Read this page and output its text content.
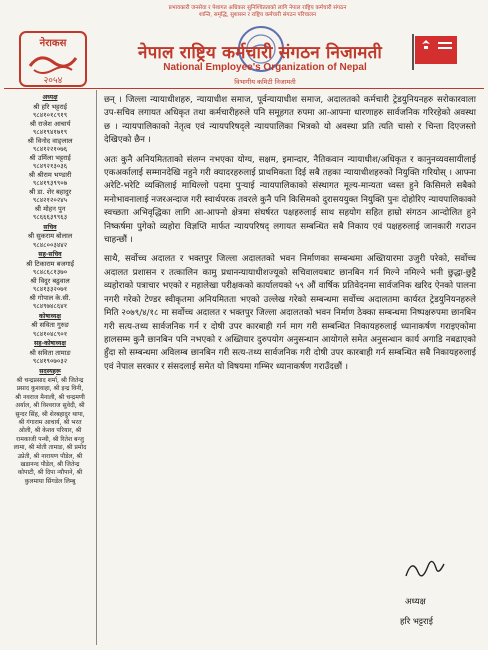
नेराकस
२०५४
प्रभावकारी जनसेवा र पेशागत अधिकार सुनिश्चितताको लागि नेपाल राष्ट्रिय कर्मचारी संगठन
शान्ति, समृद्धि, सुशासन र राष्ट्रिय कर्मचारी संगठन परिचालन
नेपाल राष्ट्रिय कर्मचारी संगठन निजामती
National Employee's Organization of Nepal
विभागीय कमिटी निजामती
अध्यक्ष
श्री हरि भट्टराई
९८४१०१८९१९
श्री राजेश आचार्य
९८४१९४१७१९
श्री विनोद वाङ्लाल
९८४१२२१०७६
श्री उर्मिला भट्टराई
९८४९२१३०३६
श्री श्रीराम भण्डारी
९८४१९३९९०७
श्री डा. शेर बहादुर
९८४२१२०२४५
श्री मोहन पुन
९८६६६३९९६३
सचिव
श्री सुकराम बोलाल
९८४८००३४४२
सह-सचिव
श्री टिकाराम बजगाईं
९८४८६८१३७०
श्री विदुर बढुवाल
९८४१३३२०७१
श्री गोपाल के.सी.
९८४९७४८६४१
कोषाध्यक्ष
श्री सविता गुरुङ
९८४१०४८९०१
सह-कोषाध्यक्ष
श्री सविता तामाङ
९८४१९०७०३२
सदस्यहरू
श्री चन्द्रप्रसाद शर्मा, श्री जितेन्द्र
प्रसाद कुशवाहा, श्री इन्द्र विनी,
श्री नवराज मैनाली, श्री चन्द्रमणी
अर्याल, श्री विश्वराज सुवेदी, श्री
सुन्दर सिंह, श्री शेरबहादुर थापा,
श्री गंगाराम आचार्य, श्री भरत
ओली, श्री केशव परियार, श्री
रामकाजी पन्थी, श्री रितेश बन्जु
लामा, श्री मोती तामाङ, श्री प्रमोद
उप्रेती, श्री नारायण पौडेल, श्री
खडानन्द पौडेल, श्री जितेन्द्र
कोपाटी, श्री दिपा न्यौपाने, श्री
कुलमाया सिंगडेल लिम्बु

छन् । जिल्ला न्यायाधीशहरु, न्यायाधीश समाज, पूर्वन्यायाधीश समाज, अदालतको कर्मचारी ट्रेडयुनियनहरु सरोकारवाला उप-सचिव लगायत अधिकृत तथा कर्मचारीहरुले पनि समूहगत रुपमा आ-आफ्ना धारणाहरु सार्वजनिक गरिरहेको अवस्था छ । न्यायपालिकाको नेतृत्व एवं न्यायपरिषद्ले न्यायपालिका भित्रको यो अवस्था प्रति त्यति चासो र चिन्ता दिएजस्तो देखिएको छैन ।

अतः कुनै अनियमितताको संलग्न नभएका योग्य, सक्षम, इमान्दार, नैतिकवान न्यायाधीश/अधिकृत र कानुनव्यवसायीलाई एकअर्कालाई सम्मानदेखि नहुने गरी क्यादरहरुलाई प्राथमिकता दिई सबै तहका न्यायाधीशहरुको नियुक्ति गरियोस् । आफ्ना अरेटि-भरेटि व्यक्तिलाई माथिल्लो पदमा पुऱ्याई न्यायपालिकाको संस्थागत मूल्य-मान्यता ध्वस्त हुने किसिमले सबैको मनोभावनालाई नजरअन्दाज गरी स्वार्थपरक तवरले कुनै पनि किसिमको दुरासययुक्त नियुक्ति पुनः दोहोरिए न्यायपालिकाको स्वच्छता अभिवृद्धिका लागि आ-आफ्नो क्षेत्रमा संघर्षरत पक्षहरुलाई साथ सहयोग सहित हाम्रो संगठन आन्दोलित हुने निष्कर्षमा पुगेको व्यहोरा विज्ञप्ति मार्फत न्यायपरिषद् लगायत सम्बन्धित सबै निकाय एवं पक्षहरुलाई जानकारी गराउन चाहन्छौं ।

साथै, सर्वोच्च अदालत र भक्तपुर जिल्ला अदालतको भवन निर्माणका सम्बन्धमा अख्तियारमा उजुरी परेको, सर्वोच्च अदालत प्रशासन र तत्कालिन कामु प्रधानन्यायाधीशज्यूको सचिवालयबाट छानबिन गर्न मिल्ने नमिल्ने भनी छुद्धा-छुट्टै व्यहोराको पत्राचार भएको र महालेखा परीक्षकको कार्यालयको ५९ औं वार्षिक प्रतिवेदनमा सार्वजनिक खरिद ऐनको पालना नगरी गरेको टेण्डर स्वीकृतमा अनियमितता भएको उल्लेख गरेको सम्बन्धमा सर्वोच्च अदालतमा कार्यरत ट्रेडयुनियनहरुले मिति २०७९/४/१८ मा सर्वोच्च अदालत र भक्तपुर जिल्ला अदालतको भवन निर्माण ठेक्का सम्बन्धमा निष्पक्षरुपमा छानबिन गरी सत्य-तथ्य सार्वजनिक गर्न र दोषी उपर कारबाही गर्न माग गरी सम्बन्धित निकायहरुलाई ध्यानाकर्षण गराइएकोमा हालसम्म कुनै छानबिन पनि नभएको र अख्तियार दुरुपयोग अनुसन्धान आयोगले समेत अनुसन्धान कार्य अगाडि नबढाएको हुँदा सो सम्बन्धमा अविलम्ब छानबिन गरी सत्य-तथ्य सार्वजनिक गरी दोषी उपर कारबाही गर्न सम्बन्धित सबै निकायहरुलाई एवं नेपाल सरकार र संसदलाई समेत यो विषयमा गम्भिर ध्यानाकर्षण गराउँदछौं ।

अध्यक्ष
हरि भट्टराई
